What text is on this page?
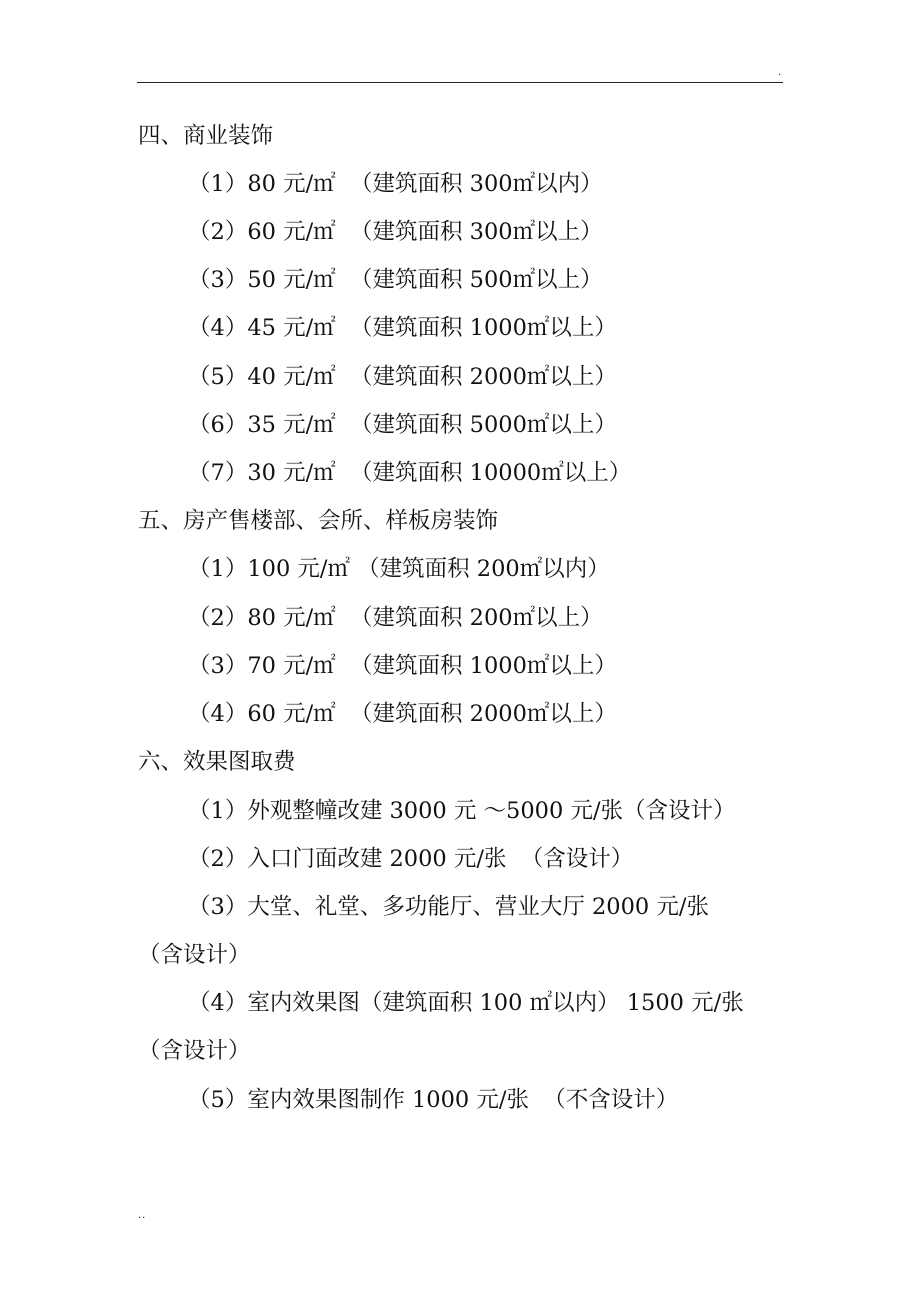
.
四、商业装饰
（1）80 元/㎡  （建筑面积 300㎡以内）
（2）60 元/㎡  （建筑面积 300㎡以上）
（3）50 元/㎡  （建筑面积 500㎡以上）
（4）45 元/㎡  （建筑面积 1000㎡以上）
（5）40 元/㎡  （建筑面积 2000㎡以上）
（6）35 元/㎡  （建筑面积 5000㎡以上）
（7）30 元/㎡  （建筑面积 10000㎡以上）
五、房产售楼部、会所、样板房装饰
（1）100 元/㎡ （建筑面积 200㎡以内）
（2）80 元/㎡  （建筑面积 200㎡以上）
（3）70 元/㎡  （建筑面积 1000㎡以上）
（4）60 元/㎡  （建筑面积 2000㎡以上）
六、效果图取费
（1）外观整幢改建 3000 元 ～5000 元/张（含设计）
（2）入口门面改建 2000 元/张  （含设计）
（3）大堂、礼堂、多功能厅、营业大厅 2000 元/张
（含设计）
（4）室内效果图（建筑面积 100 ㎡以内） 1500 元/张
（含设计）
（5）室内效果图制作 1000 元/张  （不含设计）
..
